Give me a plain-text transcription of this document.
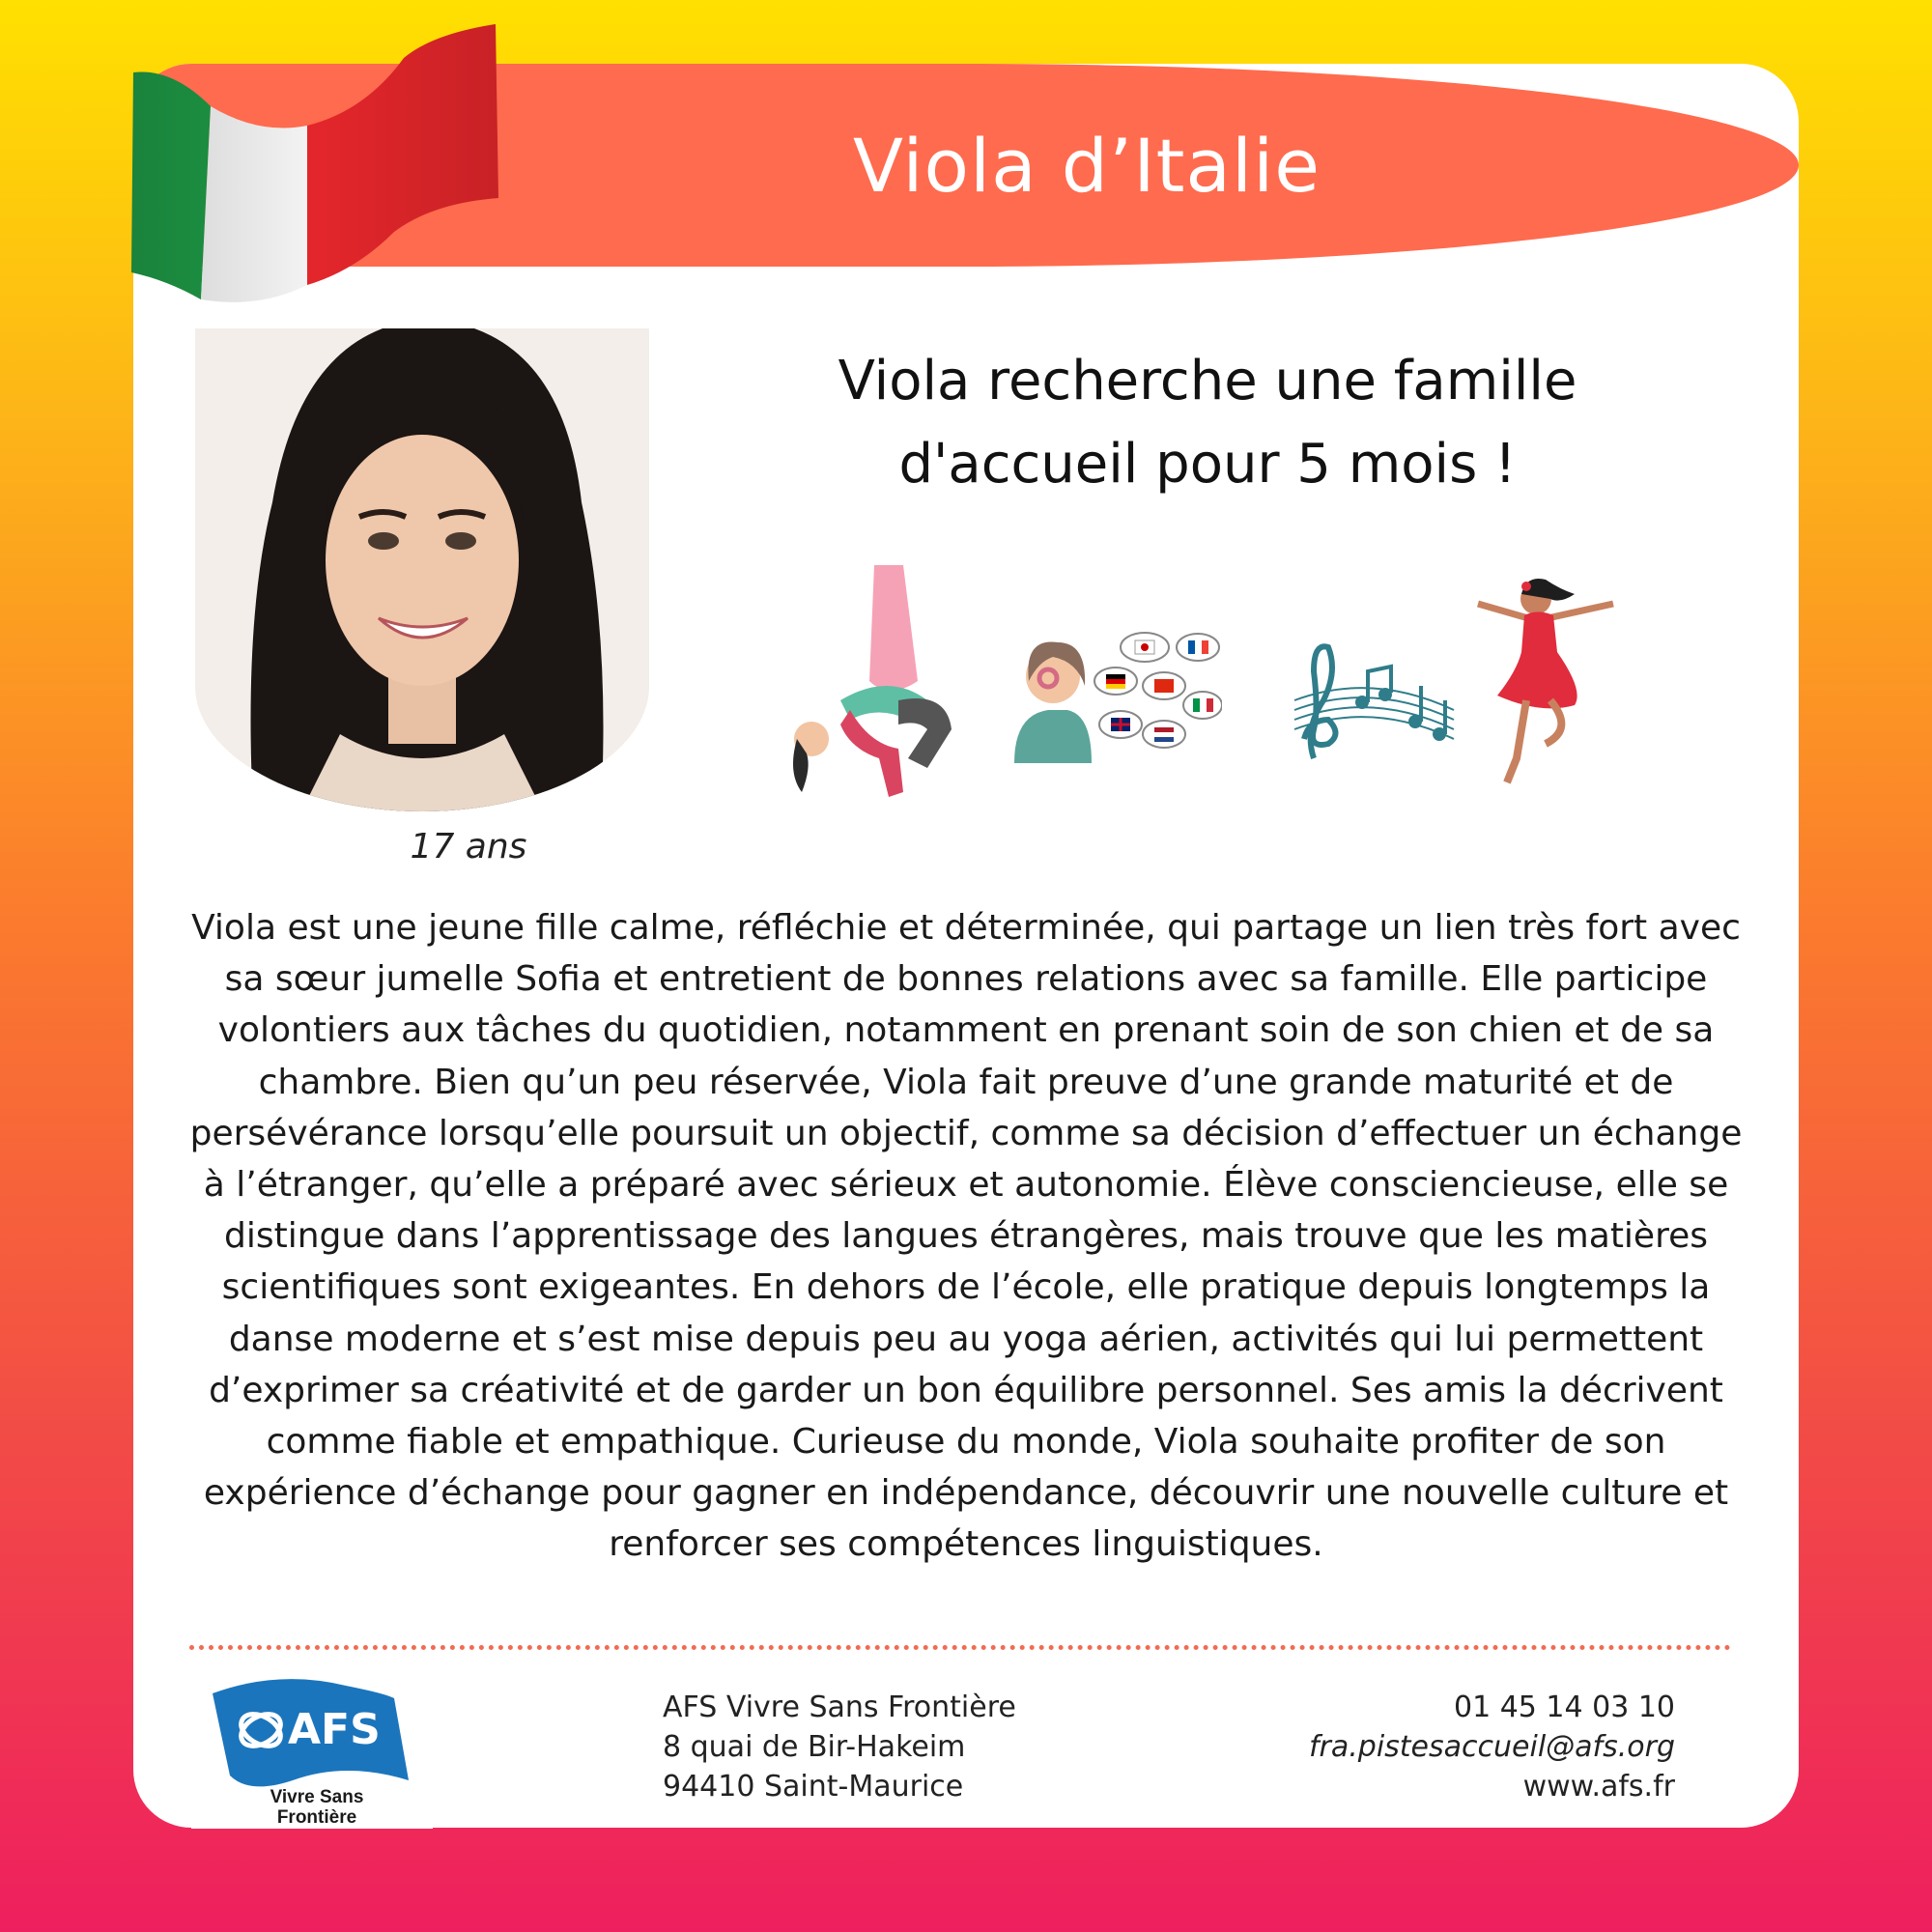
Viola d’Italie
17 ans
Viola recherche une famille
d'accueil pour 5 mois !
Viola est une jeune fille calme, réfléchie et déterminée, qui partage un lien très fort avec sa sœur jumelle Sofia et entretient de bonnes relations avec sa famille. Elle participe volontiers aux tâches du quotidien, notamment en prenant soin de son chien et de sa chambre. Bien qu’un peu réservée, Viola fait preuve d’une grande maturité et de persévérance lorsqu’elle poursuit un objectif, comme sa décision d’effectuer un échange à l’étranger, qu’elle a préparé avec sérieux et autonomie. Élève consciencieuse, elle se distingue dans l’apprentissage des langues étrangères, mais trouve que les matières scientifiques sont exigeantes. En dehors de l’école, elle pratique depuis longtemps la danse moderne et s’est mise depuis peu au yoga aérien, activités qui lui permettent d’exprimer sa créativité et de garder un bon équilibre personnel. Ses amis la décrivent comme fiable et empathique. Curieuse du monde, Viola souhaite profiter de son expérience d’échange pour gagner en indépendance, découvrir une nouvelle culture et renforcer ses compétences linguistiques.
AFS
Vivre Sans
Frontière
AFS Vivre Sans Frontière
8 quai de Bir-Hakeim
94410 Saint-Maurice
01 45 14 03 10
fra.pistesaccueil@afs.org
www.afs.fr
